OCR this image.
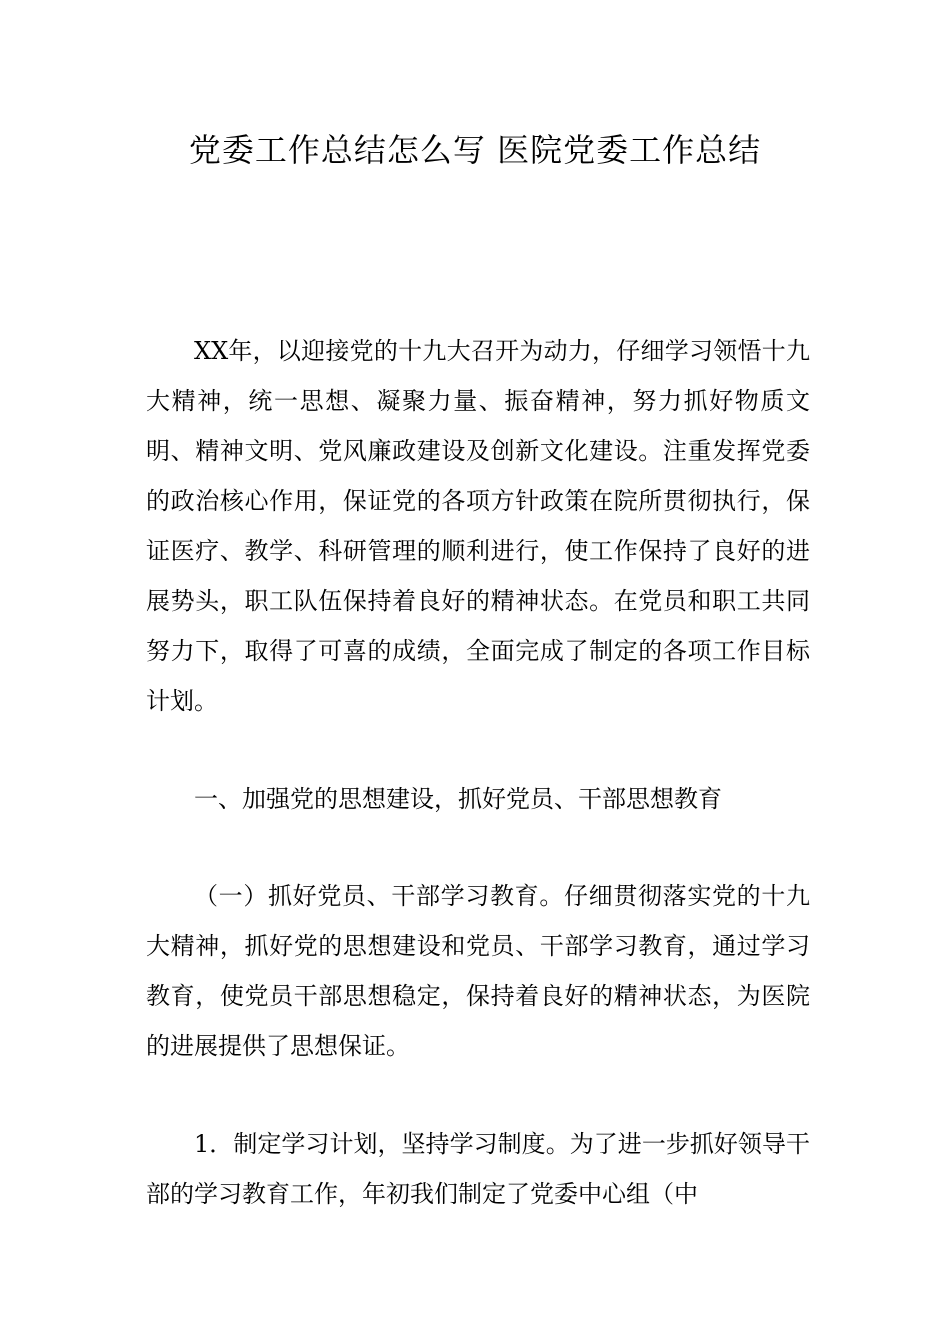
党委工作总结怎么写 医院党委工作总结

XX年，以迎接党的十九大召开为动力，仔细学习领悟十九大精神，统一思想、凝聚力量、振奋精神，努力抓好物质文明、精神文明、党风廉政建设及创新文化建设。注重发挥党委的政治核心作用，保证党的各项方针政策在院所贯彻执行，保证医疗、教学、科研管理的顺利进行，使工作保持了良好的进展势头，职工队伍保持着良好的精神状态。在党员和职工共同努力下，取得了可喜的成绩，全面完成了制定的各项工作目标计划。

一、加强党的思想建设，抓好党员、干部思想教育

（一）抓好党员、干部学习教育。仔细贯彻落实党的十九大精神，抓好党的思想建设和党员、干部学习教育，通过学习教育，使党员干部思想稳定，保持着良好的精神状态，为医院的进展提供了思想保证。

1．制定学习计划，坚持学习制度。为了进一步抓好领导干部的学习教育工作，年初我们制定了党委中心组（中
